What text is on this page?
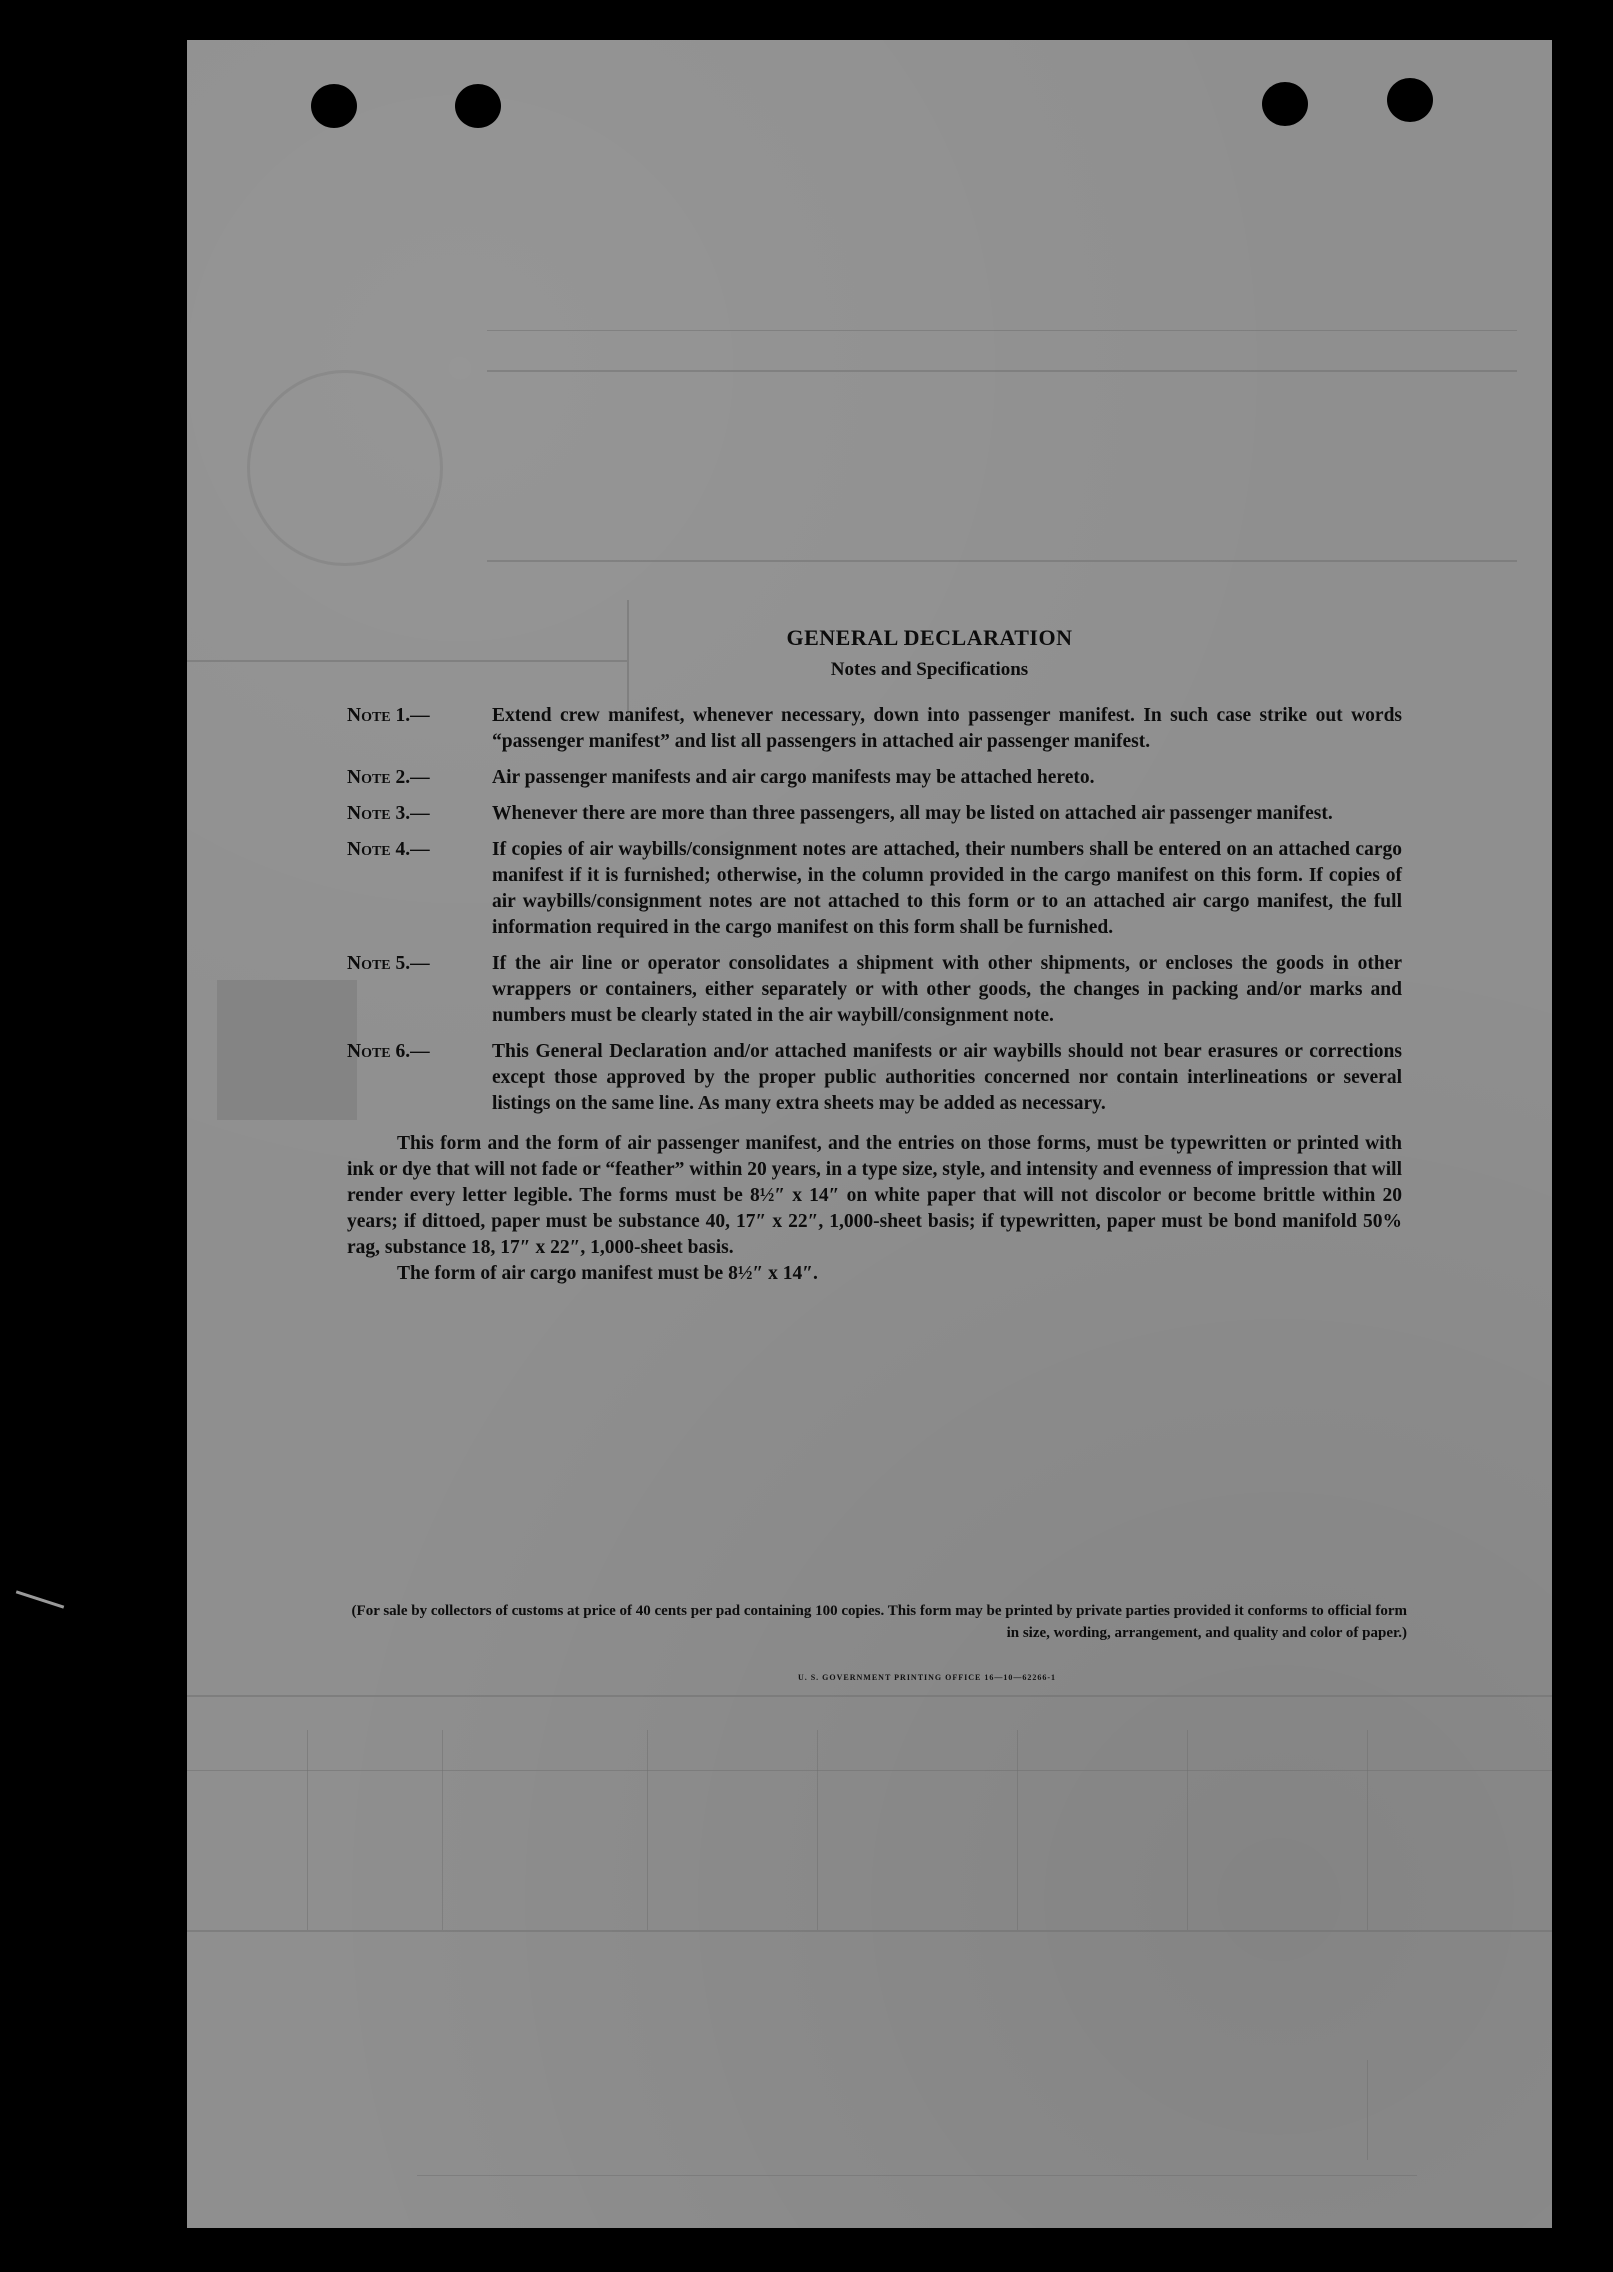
GENERAL DECLARATION
Notes and Specifications
Note 1.—	Extend crew manifest, whenever necessary, down into passenger manifest. In such case strike out words “passenger manifest” and list all passengers in attached air passenger manifest.
Note 2.—	Air passenger manifests and air cargo manifests may be attached hereto.
Note 3.—	Whenever there are more than three passengers, all may be listed on attached air passenger manifest.
Note 4.—	If copies of air waybills/consignment notes are attached, their numbers shall be entered on an attached cargo manifest if it is furnished; otherwise, in the column provided in the cargo manifest on this form. If copies of air waybills/consignment notes are not attached to this form or to an attached air cargo manifest, the full information required in the cargo manifest on this form shall be furnished.
Note 5.—	If the air line or operator consolidates a shipment with other shipments, or encloses the goods in other wrappers or containers, either separately or with other goods, the changes in packing and/or marks and numbers must be clearly stated in the air waybill/consignment note.
Note 6.—	This General Declaration and/or attached manifests or air waybills should not bear erasures or corrections except those approved by the proper public authorities concerned nor contain interlineations or several listings on the same line. As many extra sheets may be added as necessary.
This form and the form of air passenger manifest, and the entries on those forms, must be typewritten or printed with ink or dye that will not fade or “feather” within 20 years, in a type size, style, and intensity and evenness of impression that will render every letter legible. The forms must be 8½″ x 14″ on white paper that will not discolor or become brittle within 20 years; if dittoed, paper must be substance 40, 17″ x 22″, 1,000-sheet basis; if typewritten, paper must be bond manifold 50% rag, substance 18, 17″ x 22″, 1,000-sheet basis.
The form of air cargo manifest must be 8½″ x 14″.
(For sale by collectors of customs at price of 40 cents per pad containing 100 copies. This form may be printed by private parties provided it conforms to official form in size, wording, arrangement, and quality and color of paper.)
U. S. GOVERNMENT PRINTING OFFICE 16—10—62266-1
